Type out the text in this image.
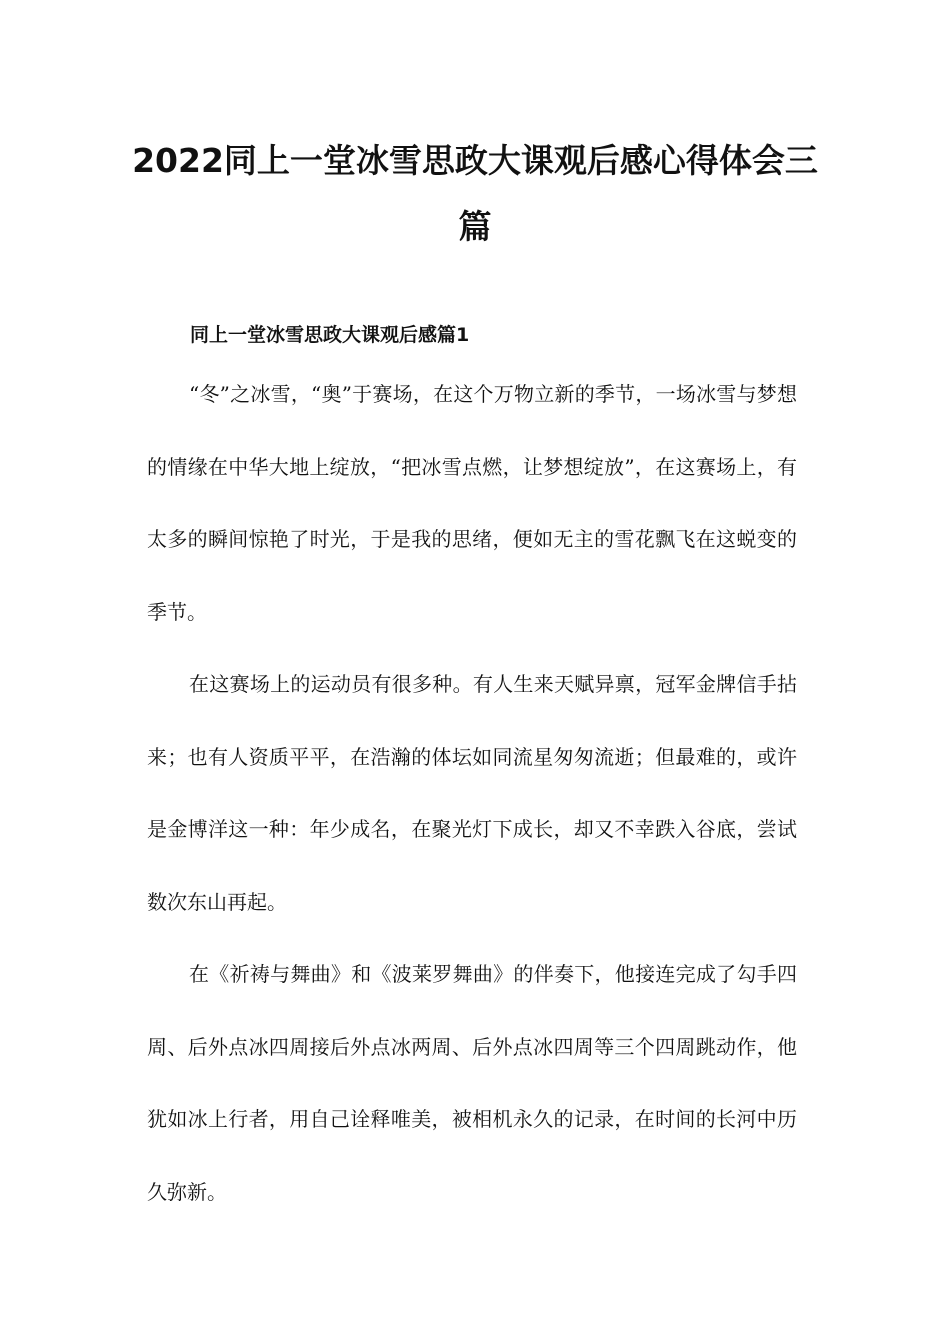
2022同上一堂冰雪思政大课观后感心得体会三篇
同上一堂冰雪思政大课观后感篇1

“冬”之冰雪，“奥”于赛场，在这个万物立新的季节，一场冰雪与梦想的情缘在中华大地上绽放，“把冰雪点燃，让梦想绽放”，在这赛场上，有太多的瞬间惊艳了时光，于是我的思绪，便如无主的雪花飘飞在这蜕变的季节。

在这赛场上的运动员有很多种。有人生来天赋异禀，冠军金牌信手拈来；也有人资质平平，在浩瀚的体坛如同流星匆匆流逝；但最难的，或许是金博洋这一种：年少成名，在聚光灯下成长，却又不幸跌入谷底，尝试数次东山再起。

在《祈祷与舞曲》和《波莱罗舞曲》的伴奏下，他接连完成了勾手四周、后外点冰四周接后外点冰两周、后外点冰四周等三个四周跳动作，他犹如冰上行者，用自己诠释唯美，被相机永久的记录，在时间的长河中历久弥新。
